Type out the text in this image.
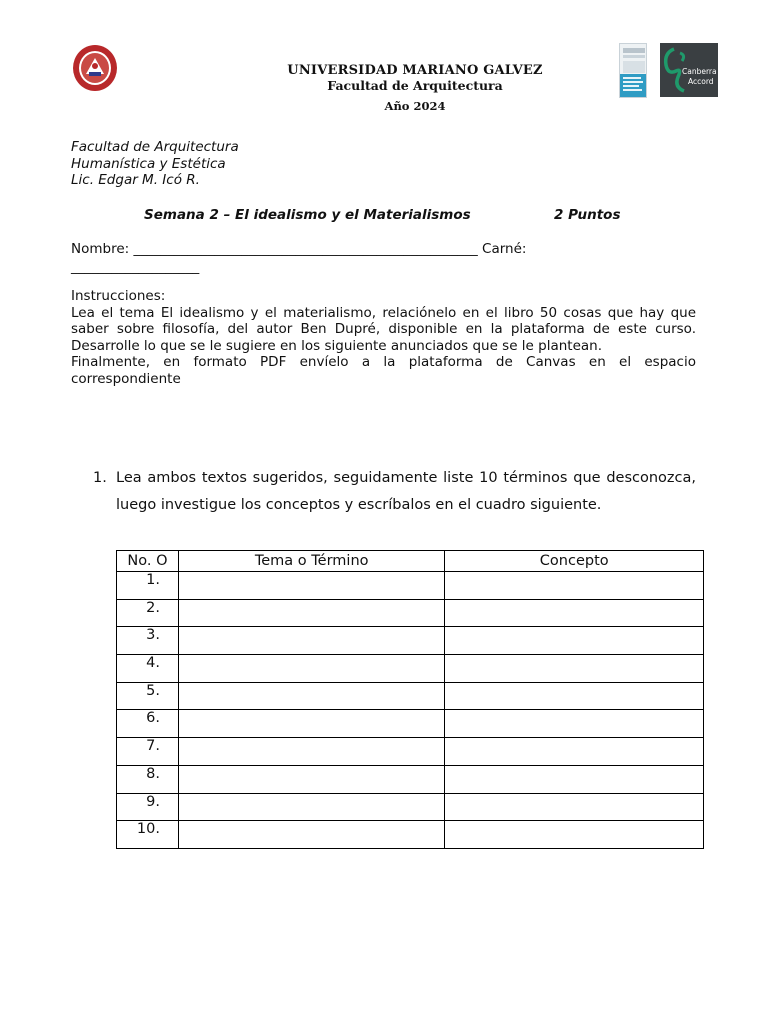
UNIVERSIDAD MARIANO GALVEZ
Facultad de Arquitectura
Año 2024
Canberra
Accord
Facultad de Arquitectura
Humanística y Estética
Lic. Edgar M. Icó R.
Semana 2 – El idealismo y el Materialismos	2 Puntos
Nombre: ___________________________________________________ Carné:
___________________
Instrucciones:
Lea el tema El idealismo y el materialismo, relaciónelo en el libro 50 cosas que hay que
saber sobre filosofía, del autor Ben Dupré, disponible en la plataforma de este curso.
Desarrolle lo que se le sugiere en los siguiente anunciados que se le plantean.
Finalmente, en formato PDF envíelo a la plataforma de Canvas en el espacio
correspondiente
1. Lea ambos textos sugeridos, seguidamente liste 10 términos que desconozca, luego investigue los conceptos y escríbalos en el cuadro siguiente.
No. O	Tema o Término	Concepto
1.		
2.		
3.		
4.		
5.		
6.		
7.		
8.		
9.		
10.		
